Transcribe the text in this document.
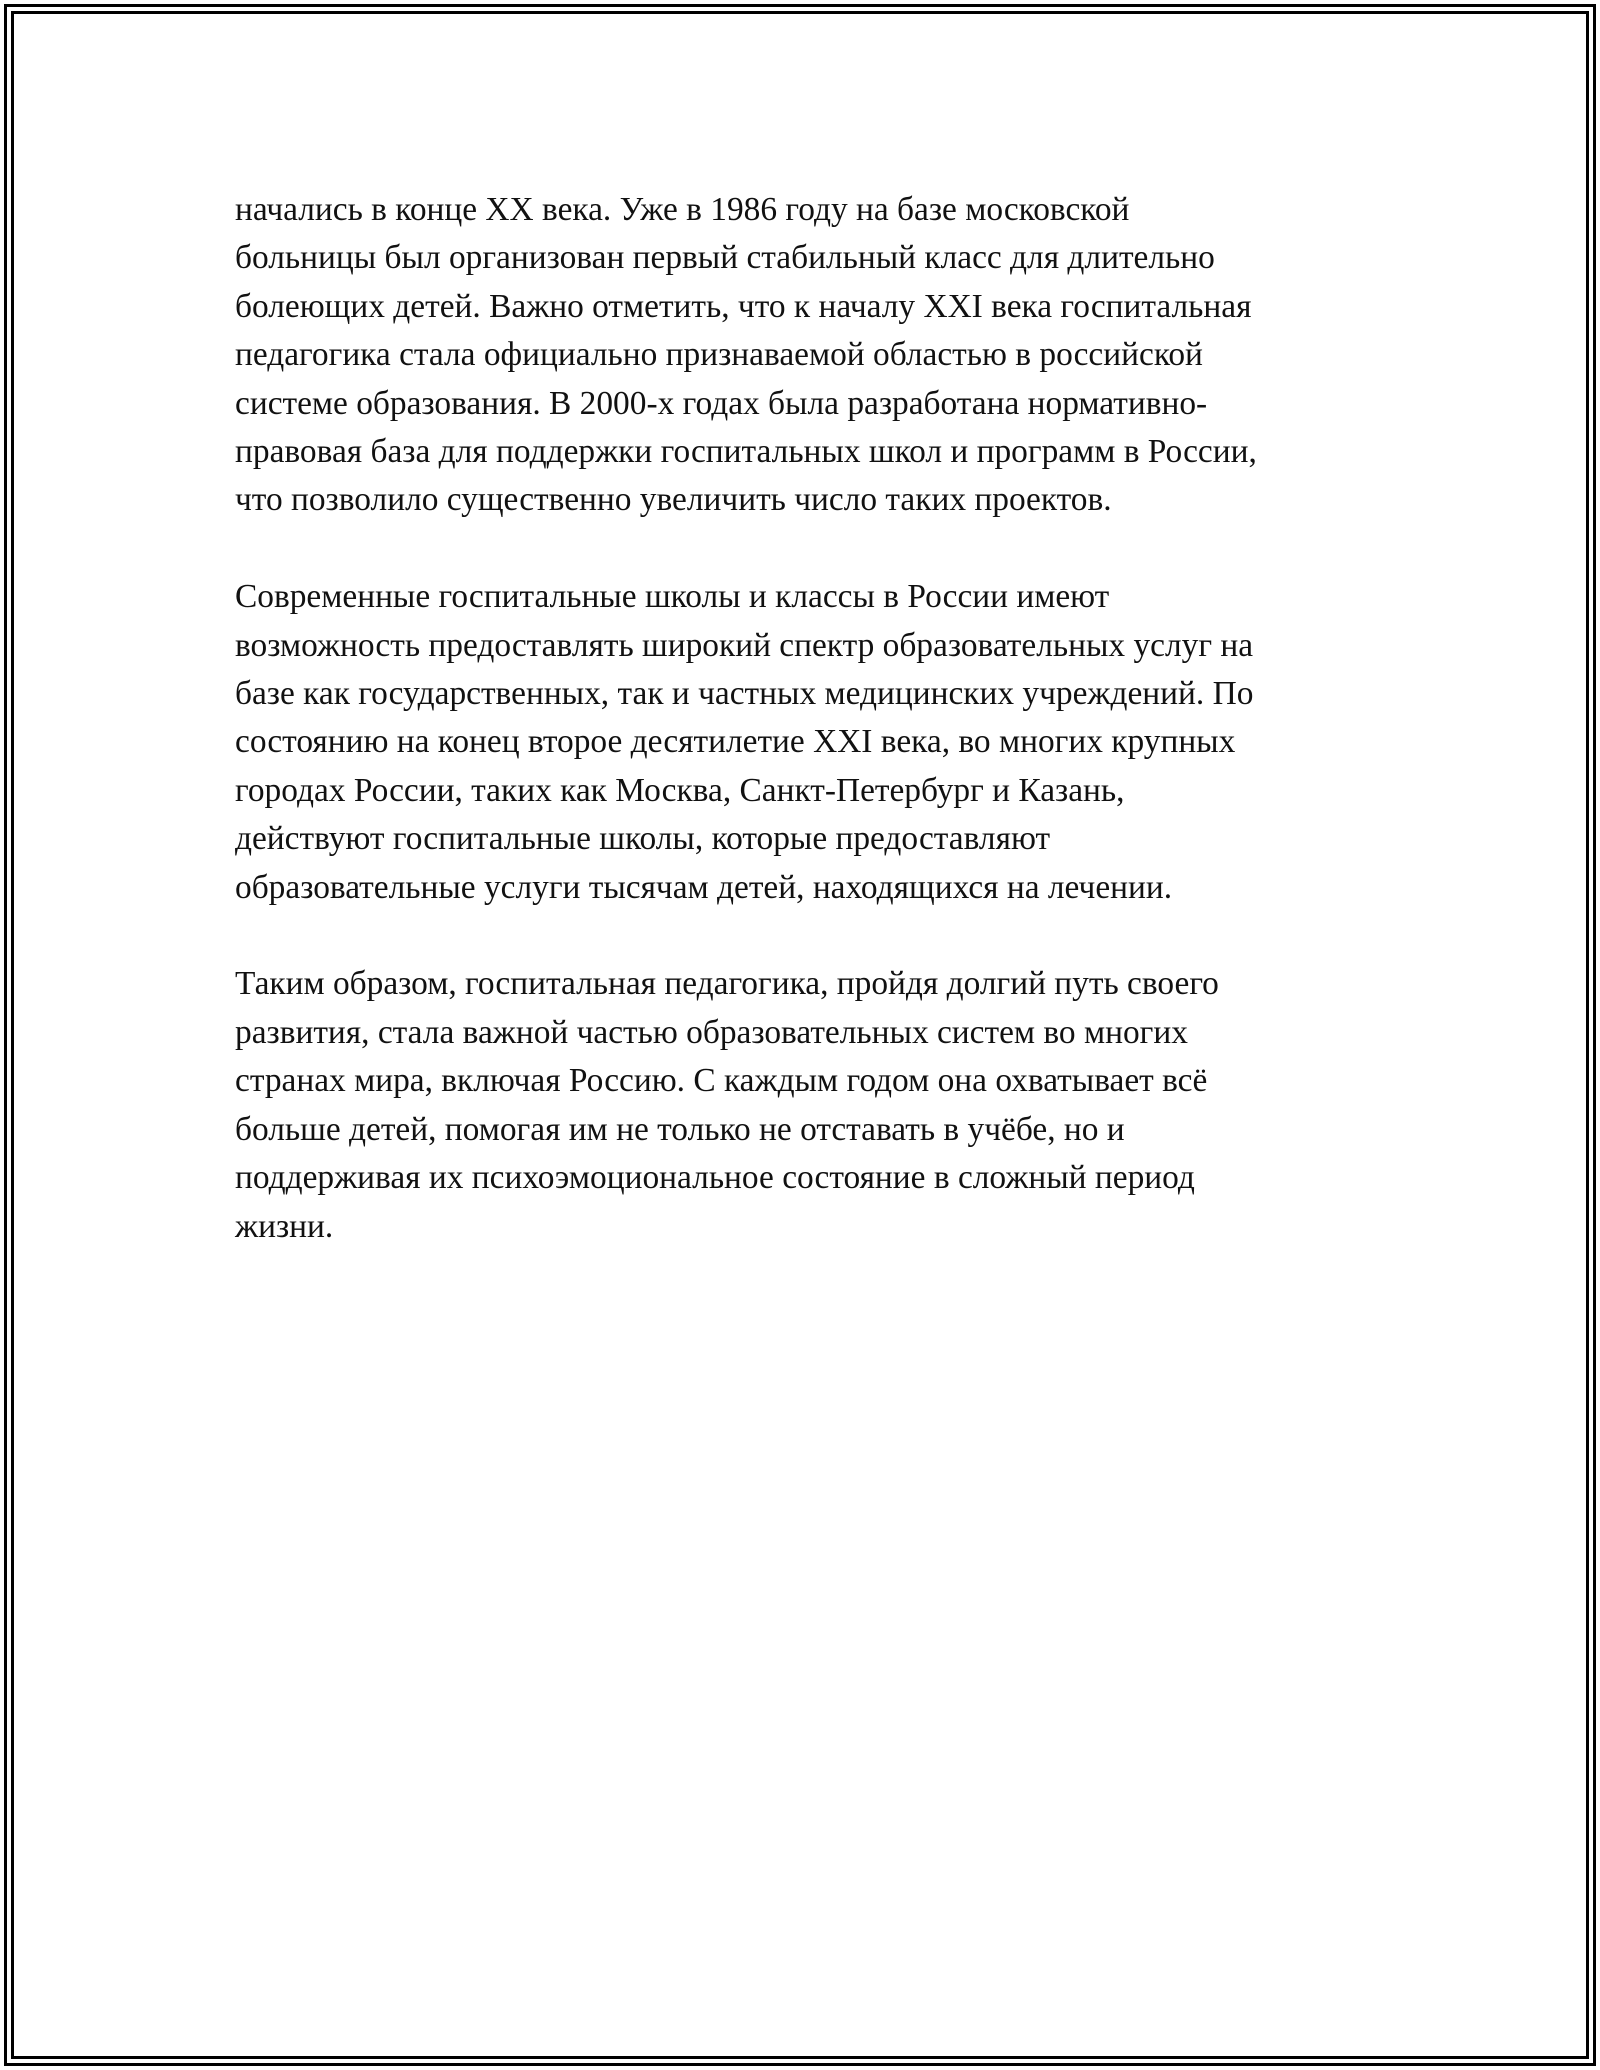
начались в конце XX века. Уже в 1986 году на базе московской
больницы был организован первый стабильный класс для длительно
болеющих детей. Важно отметить, что к началу XXI века госпитальная
педагогика стала официально признаваемой областью в российской
системе образования. В 2000-х годах была разработана нормативно-
правовая база для поддержки госпитальных школ и программ в России,
что позволило существенно увеличить число таких проектов.

Современные госпитальные школы и классы в России имеют
возможность предоставлять широкий спектр образовательных услуг на
базе как государственных, так и частных медицинских учреждений. По
состоянию на конец второе десятилетие XXI века, во многих крупных
городах России, таких как Москва, Санкт-Петербург и Казань,
действуют госпитальные школы, которые предоставляют
образовательные услуги тысячам детей, находящихся на лечении.

Таким образом, госпитальная педагогика, пройдя долгий путь своего
развития, стала важной частью образовательных систем во многих
странах мира, включая Россию. С каждым годом она охватывает всё
больше детей, помогая им не только не отставать в учёбе, но и
поддерживая их психоэмоциональное состояние в сложный период
жизни.
